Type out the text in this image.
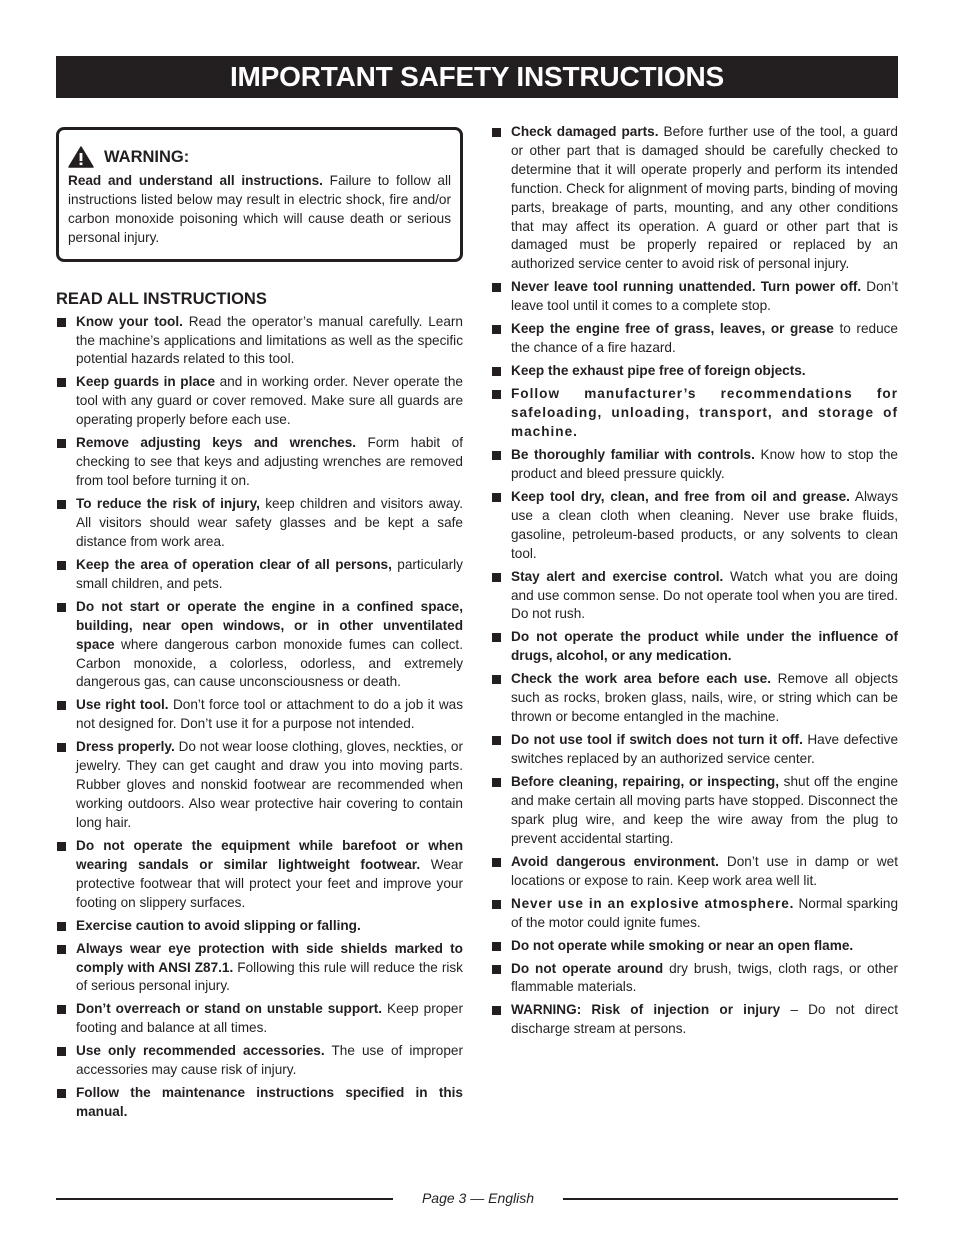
IMPORTANT SAFETY INSTRUCTIONS
WARNING:
Read and understand all instructions. Failure to follow all instructions listed below may result in electric shock, fire and/or carbon monoxide poisoning which will cause death or serious personal injury.
READ ALL INSTRUCTIONS
Know your tool. Read the operator’s manual carefully. Learn the machine’s applications and limitations as well as the specific potential hazards related to this tool.
Keep guards in place and in working order. Never operate the tool with any guard or cover removed. Make sure all guards are operating properly before each use.
Remove adjusting keys and wrenches. Form habit of checking to see that keys and adjusting wrenches are removed from tool before turning it on.
To reduce the risk of injury, keep children and visitors away. All visitors should wear safety glasses and be kept a safe distance from work area.
Keep the area of operation clear of all persons, particularly small children, and pets.
Do not start or operate the engine in a confined space, building, near open windows, or in other unventilated space where dangerous carbon monoxide fumes can collect. Carbon monoxide, a colorless, odorless, and extremely dangerous gas, can cause unconsciousness or death.
Use right tool. Don’t force tool or attachment to do a job it was not designed for. Don’t use it for a purpose not intended.
Dress properly. Do not wear loose clothing, gloves, neckties, or jewelry. They can get caught and draw you into moving parts. Rubber gloves and nonskid footwear are recommended when working outdoors. Also wear protective hair covering to contain long hair.
Do not operate the equipment while barefoot or when wearing sandals or similar lightweight footwear. Wear protective footwear that will protect your feet and improve your footing on slippery surfaces.
Exercise caution to avoid slipping or falling.
Always wear eye protection with side shields marked to comply with ANSI Z87.1. Following this rule will reduce the risk of serious personal injury.
Don’t overreach or stand on unstable support. Keep proper footing and balance at all times.
Use only recommended accessories. The use of improper accessories may cause risk of injury.
Follow the maintenance instructions specified in this manual.
Check damaged parts. Before further use of the tool, a guard or other part that is damaged should be carefully checked to determine that it will operate properly and perform its intended function. Check for alignment of moving parts, binding of moving parts, breakage of parts, mounting, and any other conditions that may affect its operation. A guard or other part that is damaged must be properly repaired or replaced by an authorized service center to avoid risk of personal injury.
Never leave tool running unattended. Turn power off. Don’t leave tool until it comes to a complete stop.
Keep the engine free of grass, leaves, or grease to reduce the chance of a fire hazard.
Keep the exhaust pipe free of foreign objects.
Follow manufacturer’s recommendations for safeloading, unloading, transport, and storage of machine.
Be thoroughly familiar with controls. Know how to stop the product and bleed pressure quickly.
Keep tool dry, clean, and free from oil and grease. Always use a clean cloth when cleaning. Never use brake fluids, gasoline, petroleum-based products, or any solvents to clean tool.
Stay alert and exercise control. Watch what you are doing and use common sense. Do not operate tool when you are tired. Do not rush.
Do not operate the product while under the influence of drugs, alcohol, or any medication.
Check the work area before each use. Remove all objects such as rocks, broken glass, nails, wire, or string which can be thrown or become entangled in the machine.
Do not use tool if switch does not turn it off. Have defective switches replaced by an authorized service center.
Before cleaning, repairing, or inspecting, shut off the engine and make certain all moving parts have stopped. Disconnect the spark plug wire, and keep the wire away from the plug to prevent accidental starting.
Avoid dangerous environment. Don’t use in damp or wet locations or expose to rain. Keep work area well lit.
Never use in an explosive atmosphere. Normal sparking of the motor could ignite fumes.
Do not operate while smoking or near an open flame.
Do not operate around dry brush, twigs, cloth rags, or other flammable materials.
WARNING: Risk of injection or injury – Do not direct discharge stream at persons.
Page 3 — English
